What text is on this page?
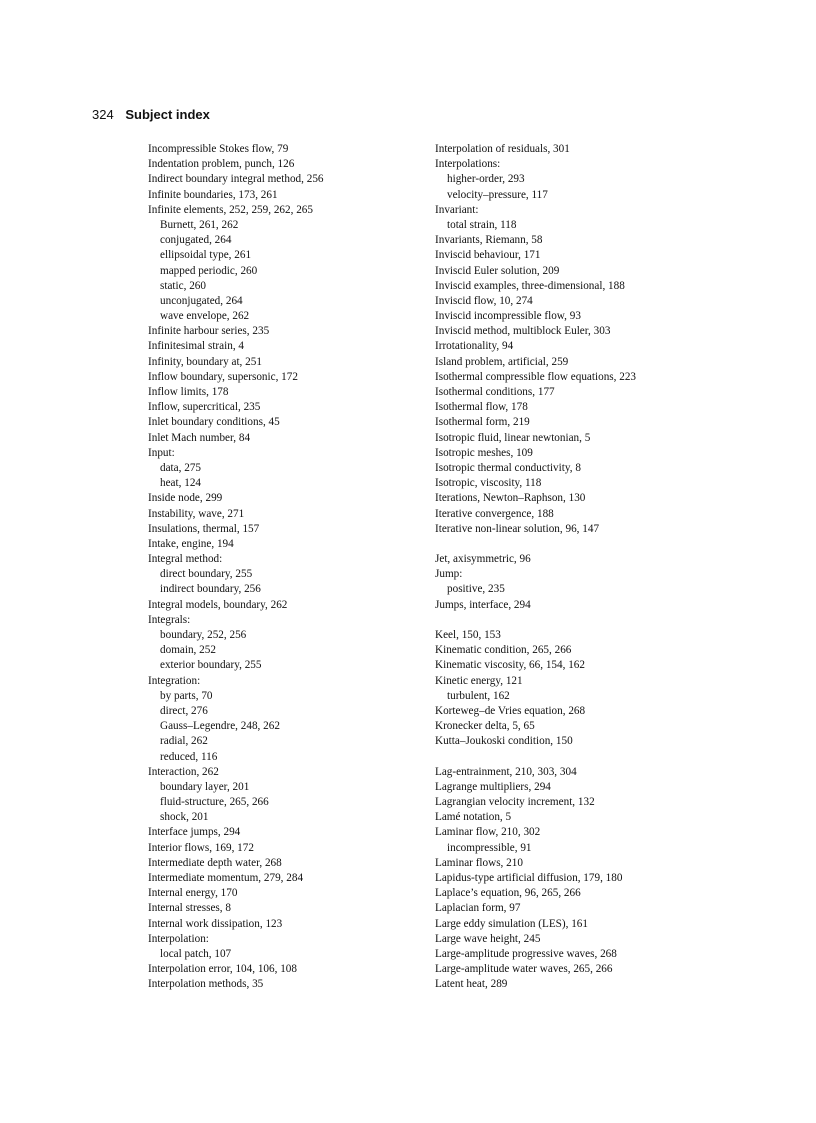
324 Subject index
Incompressible Stokes flow, 79
Indentation problem, punch, 126
Indirect boundary integral method, 256
Infinite boundaries, 173, 261
Infinite elements, 252, 259, 262, 265
Burnett, 261, 262
conjugated, 264
ellipsoidal type, 261
mapped periodic, 260
static, 260
unconjugated, 264
wave envelope, 262
Infinite harbour series, 235
Infinitesimal strain, 4
Infinity, boundary at, 251
Inflow boundary, supersonic, 172
Inflow limits, 178
Inflow, supercritical, 235
Inlet boundary conditions, 45
Inlet Mach number, 84
Input:
data, 275
heat, 124
Inside node, 299
Instability, wave, 271
Insulations, thermal, 157
Intake, engine, 194
Integral method:
direct boundary, 255
indirect boundary, 256
Integral models, boundary, 262
Integrals:
boundary, 252, 256
domain, 252
exterior boundary, 255
Integration:
by parts, 70
direct, 276
Gauss–Legendre, 248, 262
radial, 262
reduced, 116
Interaction, 262
boundary layer, 201
fluid-structure, 265, 266
shock, 201
Interface jumps, 294
Interior flows, 169, 172
Intermediate depth water, 268
Intermediate momentum, 279, 284
Internal energy, 170
Internal stresses, 8
Internal work dissipation, 123
Interpolation:
local patch, 107
Interpolation error, 104, 106, 108
Interpolation methods, 35
Interpolation of residuals, 301
Interpolations:
higher-order, 293
velocity–pressure, 117
Invariant:
total strain, 118
Invariants, Riemann, 58
Inviscid behaviour, 171
Inviscid Euler solution, 209
Inviscid examples, three-dimensional, 188
Inviscid flow, 10, 274
Inviscid incompressible flow, 93
Inviscid method, multiblock Euler, 303
Irrotationality, 94
Island problem, artificial, 259
Isothermal compressible flow equations, 223
Isothermal conditions, 177
Isothermal flow, 178
Isothermal form, 219
Isotropic fluid, linear newtonian, 5
Isotropic meshes, 109
Isotropic thermal conductivity, 8
Isotropic, viscosity, 118
Iterations, Newton–Raphson, 130
Iterative convergence, 188
Iterative non-linear solution, 96, 147
Jet, axisymmetric, 96
Jump:
positive, 235
Jumps, interface, 294
Keel, 150, 153
Kinematic condition, 265, 266
Kinematic viscosity, 66, 154, 162
Kinetic energy, 121
turbulent, 162
Korteweg–de Vries equation, 268
Kronecker delta, 5, 65
Kutta–Joukoski condition, 150
Lag-entrainment, 210, 303, 304
Lagrange multipliers, 294
Lagrangian velocity increment, 132
Lamé notation, 5
Laminar flow, 210, 302
incompressible, 91
Laminar flows, 210
Lapidus-type artificial diffusion, 179, 180
Laplace’s equation, 96, 265, 266
Laplacian form, 97
Large eddy simulation (LES), 161
Large wave height, 245
Large-amplitude progressive waves, 268
Large-amplitude water waves, 265, 266
Latent heat, 289
